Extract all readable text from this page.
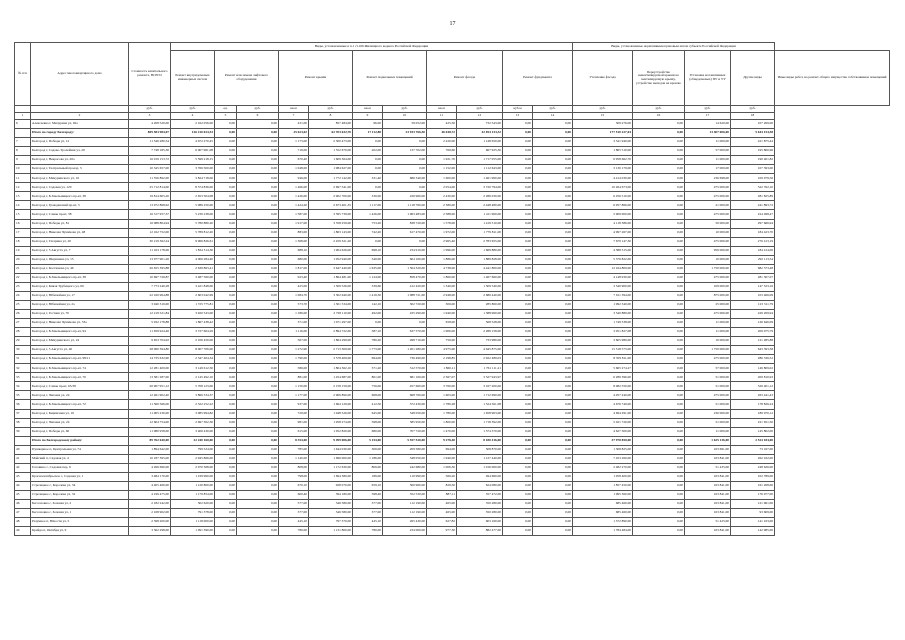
17
№ п/п	Адрес многоквартирного дома	Стоимость капитального ремонта, ВСЕГО	Виды, установленные в п.1 ст.166 Жилищного кодекса Российской Федерации											Виды, установленные нормативным правовым актом субъекта Российской Федерации				
			Ремонт внутридомовых инженерных систем	Ремонт или замена лифтового оборудования		Ремонт крыши		Ремонт подвальных помещений		Ремонт фасада		Ремонт фундамента		Утепление фасада	Переустройство невентилируемой крыши на вентилируемую крышу, устройство выходов на кровлю	Установка коллективных (общедомовых) ПУ и УУ	Другие виды	Иные виды работ, на ремонт общего имущества собственников помещений
		руб.	руб.	ед.	руб.	кв.м	руб.	кв.м	руб.	кв.м	руб.	куб.м	руб.	руб.	руб.	руб.	руб.	
1	2	3	4	5	6	7	8	9	10	11	12	13	14	15	16	17	18	
6	Алексеевка г, Мичурина ул, 92а	4 208 520,00	2 162 056,00	0,00	0,00	431,00	857 484,00	96,00	59 052,00	425,50	732 543,00	0,00	0,00	309 276,00	0,00	14 620,00	107 269,00	
	Итого по городу Белгороду:	809 583 984,07	126 210 024,53	0,00	0,00	25 623,02	62 703 632,70	17 112,88	23 933 766,50	46 048,72	42 054 133,32	0,00	0,00	177 510 227,04	0,00	13 407 006,00	5 644 154,58	
7	Белгород г, Победы ул, 12	11 546 280,54	4 672 270,45	0,00	0,00	1 173,00	2 300 473,00	0,00	0,00	2 220,00	1 148 650,00	0,00	0,00	3 341 940,00	0,00	11 000,00	221 875,44	
8	Белгород г, Садово-Тролейная ул, 29	7 748 185,36	6 007 961,08	0,00	0,00	716,00	1 552 670,00	202,00	137 702,00	769,60	667 925,30	0,00	0,00	1 865 510,00	0,00	57 000,00	195 800,96	
9	Белгород г, Некрасова ул, 26а	16 019 153,72	5 599 218,15	0,00	0,00	670,40	1 609 364,00	0,00	0,00	1 921,70	1 717 055,00	0,00	0,00	6 958 662,70	0,00	11 000,00	190 401,82	
10	Белгород г, Театральный проезд, 3	10 345 657,00	3 766 500,00	0,00	0,00	1 048,00	1 984 627,00	0,00	0,00	1 152,00	1 112 643,00	0,00	0,00	3 130 179,00	0,00	17 000,00	107 393,00	
11	Белгород г, Мичуринского ул, 16	11 356 892,00	3 824 718,00	0,00	0,00	946,00	1 772 142,00	331,40	686 340,00	1 600,00	1 461 960,00	0,00	0,00	4 414 030,00	0,00	236 698,00	109 079,56	
12	Белгород г, Садовая ул, 120	25 712 814,00	8 574 836,00	0,00	0,00	1 466,00	2 697 541,00	0,00	0,00	2 054,00	3 720 794,00	0,00	0,00	10 264 673,00	0,00	475 000,00	322 762,10	
13	Белгород г, Б.Хмельницкого пр-кт, 38	19 814 605,20	2 653 504,08	0,00	0,00	1 426,00	2 902 700,00	330,00	226 960,00	2 430,00	2 286 030,00	0,00	0,00	6 456 510,00	0,00	475 000,00	281 825,89	
14	Белгород г, Гражданский пр-кт, 3	13 972 868,92	5 086 250,00	0,00	0,00	1 424,20	2 673 401,35	1 117,00	1 118 760,00	2 380,00	2 448 480,00	0,00	0,00	6 957 866,00	0,00	21 000,00	241 893,72	
15	Белгород г, Славы пр-кт, 38	16 317 957,37	5 230 238,00	0,00	0,00	1 587,00	3 395 739,00	1 426,00	1 963 483,00	2 588,00	1 411 900,00	0,00	0,00	5 909 000,00	0,00	475 000,00	224 498,47	
16	Белгород г, Победы ул, 81	16 088 804,94	5 780 880,20	0,00	0,00	1 917,00	3 358 259,00	753,20	838 720,00	1 578,00	1 419 510,00	0,00	0,00	4 118 386,00	0,00	50 000,00	297 666,94	
17	Белгород г, Николая Чумичова ул, 48	12 162 752,00	5 789 812,20	0,00	0,00	883,00	1 863 143,00	742,20	617 470,00	1 972,00	1 779 811,00	0,00	0,00	4 997 267,00	0,00	10 000,00	184 423,70	
18	Белгород г, Гагарина ул, 20	30 219 362,24	9 966 826,61	0,00	0,00	1 368,00	2 459 321,20	0,00	0,00	2 965,40	2 783 655,00	0,00	0,00	7 679 147,30	0,00	475 000,00	270 413,19	
19	Белгород г, 5 Августа ул, 7	11 163 178,06	1 834 314,30	0,00	0,00	688,10	1 904 626,00	698,10	234 910,00	1 996,00	1 669 880,00	0,00	0,00	4 588 315,00	0,00	956 000,00	184 414,00	
20	Белгород г, Шершнева ул, 13	13 077 901,26	4 006 284,40	0,00	0,00	680,00	1 052 940,00	340,00	604 160,00	1 886,00	1 889 828,00	0,00	0,00	5 376 822,00	0,00	10 000,00	292 113,54	
21	Белгород г, Костюкова ул, 46	26 655 395,88	2 639 863,41	0,00	0,00	1 817,00	3 647 440,00	1 635,00	1 504 320,00	4 738,00	4 441 800,00	0,00	0,00	12 164 800,00	0,00	1 750 000,00	682 373,48	
22	Белгород г, Б.Хмельницкого пр-кт, 38	10 697 726,87	3 487 560,00	0,00	0,00	923,40	1 864 481,00	1 124,00	858 470,00	1 860,00	1 467 660,00	0,00	0,00	4 148 930,00	0,00	475 000,00	281 307,07	
23	Белгород г, Князя Трубецкого ул, 60	7 773 240,28	3 421 848,00	0,00	0,00	425,00	1 309 526,00	339,60	412 420,00	1 340,00	1 309 540,00	0,00	0,00	3 540 900,00	0,00	109 000,00	147 523,16	
24	Белгород г, Юбилейная ул, 17	22 160 964,88	2 603 042,99	0,00	0,00	1 084,70	3 302 640,00	1 419,30	1 088 721,00	2 948,00	2 686 440,00	0,00	0,00	7 911 394,00	0,00	875 000,00	103 466,09	
25	Белгород г, Юбилейная ул, 2а	3 040 319,00	1 725 775,81	0,00	0,00	573,70	1 301 534,00	142,10	302 720,00	306,00	285 860,00	0,00	0,00	1 992 340,00	0,00	25 000,00	123 311,79	
26	Белгород г, Гостяев ул, 70	12 219 521,84	3 920 543,00	0,00	0,00	1 186,00	2 728 110,00	492,00	435 290,00	1 940,00	1 388 960,00	0,00	0,00	3 540 880,00	0,00	475 000,00	229 209,94	
27	Белгород г, Николая Чумичова ул, 33а	5 032 178,88	1 867 438,42	0,00	0,00	371,00	1 071 297,00	0,00	0,00	658,00	568 528,00	0,00	0,00	1 749 538,00	0,00	11 000,00	126 640,09	
28	Белгород г, Б.Хмельницкого пр-кт, 94	11 659 924,46	3 727 604,29	0,00	0,00	1 116,00	2 894 722,00	587,10	637 570,00	1 906,00	2 286 158,00	0,00	0,00	3 051 827,08	0,00	11 000,00	209 075,79	
29	Белгород г, Мичуринского ул, 24	9 653 704,02	2 106 450,00	0,00	0,00	567,00	1 864 299,00	780,20	498 710,00	750,00	733 980,00	0,00	0,00	3 605 980,00	0,00	10 000,00	121 285,88	
30	Белгород г, 5 Августа ул, 40	28 060 394,80	8 007 706,00	0,00	0,00	1 272,90	2 713 309,00	1 773,00	1 201 280,00	4 975,00	4 645 875,00	0,00	0,00	15 518 575,00	0,00	1 750 000,00	643 393,38	
31	Белгород г, Б.Хмельницкого пр-кт, 98/11	14 735 632,90	2 347 404,34	0,00	0,00	1 790,00	3 578 409,00	694,00	736 490,00	2 198,85	2 922 489,03	0,00	0,00	8 359 811,00	0,00	475 000,00	286 336,52	
32	Белгород г, Б.Хмельницкого пр-кт, 74	12 281 400,00	3 149 612,50	0,00	0,00	586,00	1 804 362,10	371,20	312 570,00	1 860,11	1 761 111,21	0,00	0,00	5 665 274,27	0,00	57 000,00	149 809,02	
33	Белгород г, Б.Хмельницкого пр-кт, 70	13 581 287,00	2 145 492,10	0,00	0,00	881,00	1 454 687,00	861,00	681 160,00	2 367,07	3 327 943,97	0,00	0,00	6 289 396,00	0,00	51 000,00	209 810,93	
34	Белгород г, Славы пр-кт, 65/38	26 907 951,12	5 708 123,00	0,00	0,00	1 150,00	2 158 159,00	756,00	457 660,00	3 760,00	3 167 200,00	0,00	0,00	8 082 550,00	0,00	51 000,00	329 401,12	
35	Белгород г, Чапаева ул, 24	12 461 902,40	3 866 334,37	0,00	0,00	1 177,00	2 906 890,00	668,00	668 760,00	1 603,00	1 712 690,00	0,00	0,00	4 057 240,00	0,00	475 000,00	263 441,43	
36	Белгород г, Б.Хмельницкого пр-кт, 72	11 560 566,00	2 322 252,22	0,00	0,00	937,00	1 664 129,00	412,50	372 430,00	1 780,28	1 524 561,08	0,00	0,00	4 676 749,00	0,00	51 000,00	178 826,24	
37	Белгород г, Кирпичная ул, 19	11 005 230,00	3 085 994,82	0,00	0,00	720,00	1 948 526,00	645,00	548 050,00	1 780,00	1 658 903,00	0,00	0,00	4 694 291,00	0,00	230 000,00	189 970,12	
38	Белгород г, Чапаева ул, 24	12 604 754,00	2 697 302,36	0,00	0,00	981,00	1 958 274,00	598,00	585 950,00	1 800,00	1 718 392,00	0,00	0,00	5 021 720,00	0,00	51 000,00	221 651,50	
39	Белгород г, Победы ул, 60	11 980 958,00	3 406 430,00	0,00	0,00	615,00	1 052 820,00	680,00	707 720,00	1 470,00	1 574 370,00	0,00	0,00	4 627 300,00	0,00	11 000,00	145 802,00	
	Итого по Белгородскому району:	89 762 640,00	22 240 160,00	0,00	0,00	8 354,00	9 499 006,00	5 154,00	5 557 520,00	9 278,40	8 180 416,00	0,00	0,00	37 978 850,00	0,00	1 625 136,00	2 524 184,00	
40	Пушкарное п, Центральная ул, 74	1 894 642,00	799 524,00	0,00	0,00	785,00	1 644 030,00	306,00	209 580,00	694,00	508 870,00	0,00	0,00	1 308 825,00	0,00	163 691,00	73 167,00	
41	Майский п, Садовая ул, 4	10 187 395,00	2 945 866,00	0,00	0,00	1 140,00	1 696 000,00	1 186,00	348 050,00	1 940,00	1 127 440,00	0,00	0,00	7 453 260,00	0,00	163 841,00	262 162,00	
42	Головино с, Садовая пер, 9	4 266 690,00	2 070 368,00	0,00	0,00	808,00	1 172 630,00	806,00	242 680,00	1 006,30	1 016 000,00	0,00	0,00	2 482 270,00	0,00	51 435,00	248 626,00	
43	Краснооктябрьское с, Садовая ул, 1	3 484 170,00	1 239 960,00	0,00	0,00	798,00	1 694 380,00	186,00	110 990,00	566,20	494 660,00	0,00	0,00	1 958 400,00	0,00	163 841,00	102 789,00	
44	Стрелецкое с, Королева ул, 34	4 405 460,00	1 120 800,00	0,00	0,00	670,10	928 070,00	659,10	500 960,00	829,50	624 080,00	0,00	0,00	1 857 450,00	0,00	163 841,00	161 268,00	
45	Стрелецкое с, Королева ул, 32	4 199 475,00	1 179 854,00	0,00	0,00	600,40	394 180,00	598,40	352 530,00	887,11	357 472,00	0,00	0,00	1 995 360,00	0,00	163 841,00	176 077,00	
46	Бессоновка с, Зеленая ул, 2	2 182 242,00	302 620,00	0,00	0,00	577,00	346 580,00	377,00	112 190,00	465,00	350 280,00	0,00	0,00	685 460,00	0,00	163 841,00	121 961,00	
47	Бессоновка с, Зеленая ул, 1	2 168 902,00	791 378,00	0,00	0,00	377,00	346 580,00	377,00	112 190,00	465,00	350 280,00	0,00	0,00	685 460,00	0,00	163 841,00	93 609,00	
48	Разумное п, Юности ул, 5	2 398 200,00	1 118 000,00	0,00	0,00	445,10	797 370,00	445,10	265 430,00	627,82	603 160,00	0,00	0,00	1 372 890,00	0,00	51 425,00	141 163,00	
49	Крейда п, Октября ул, 9	3 362 298,00	1 091 390,00	0,00	0,00	780,00	1 131 800,00	780,00	234 000,00	977,30	882 477,00	0,00	0,00	1 784 484,00	0,00	163 841,00	142 985,00	
